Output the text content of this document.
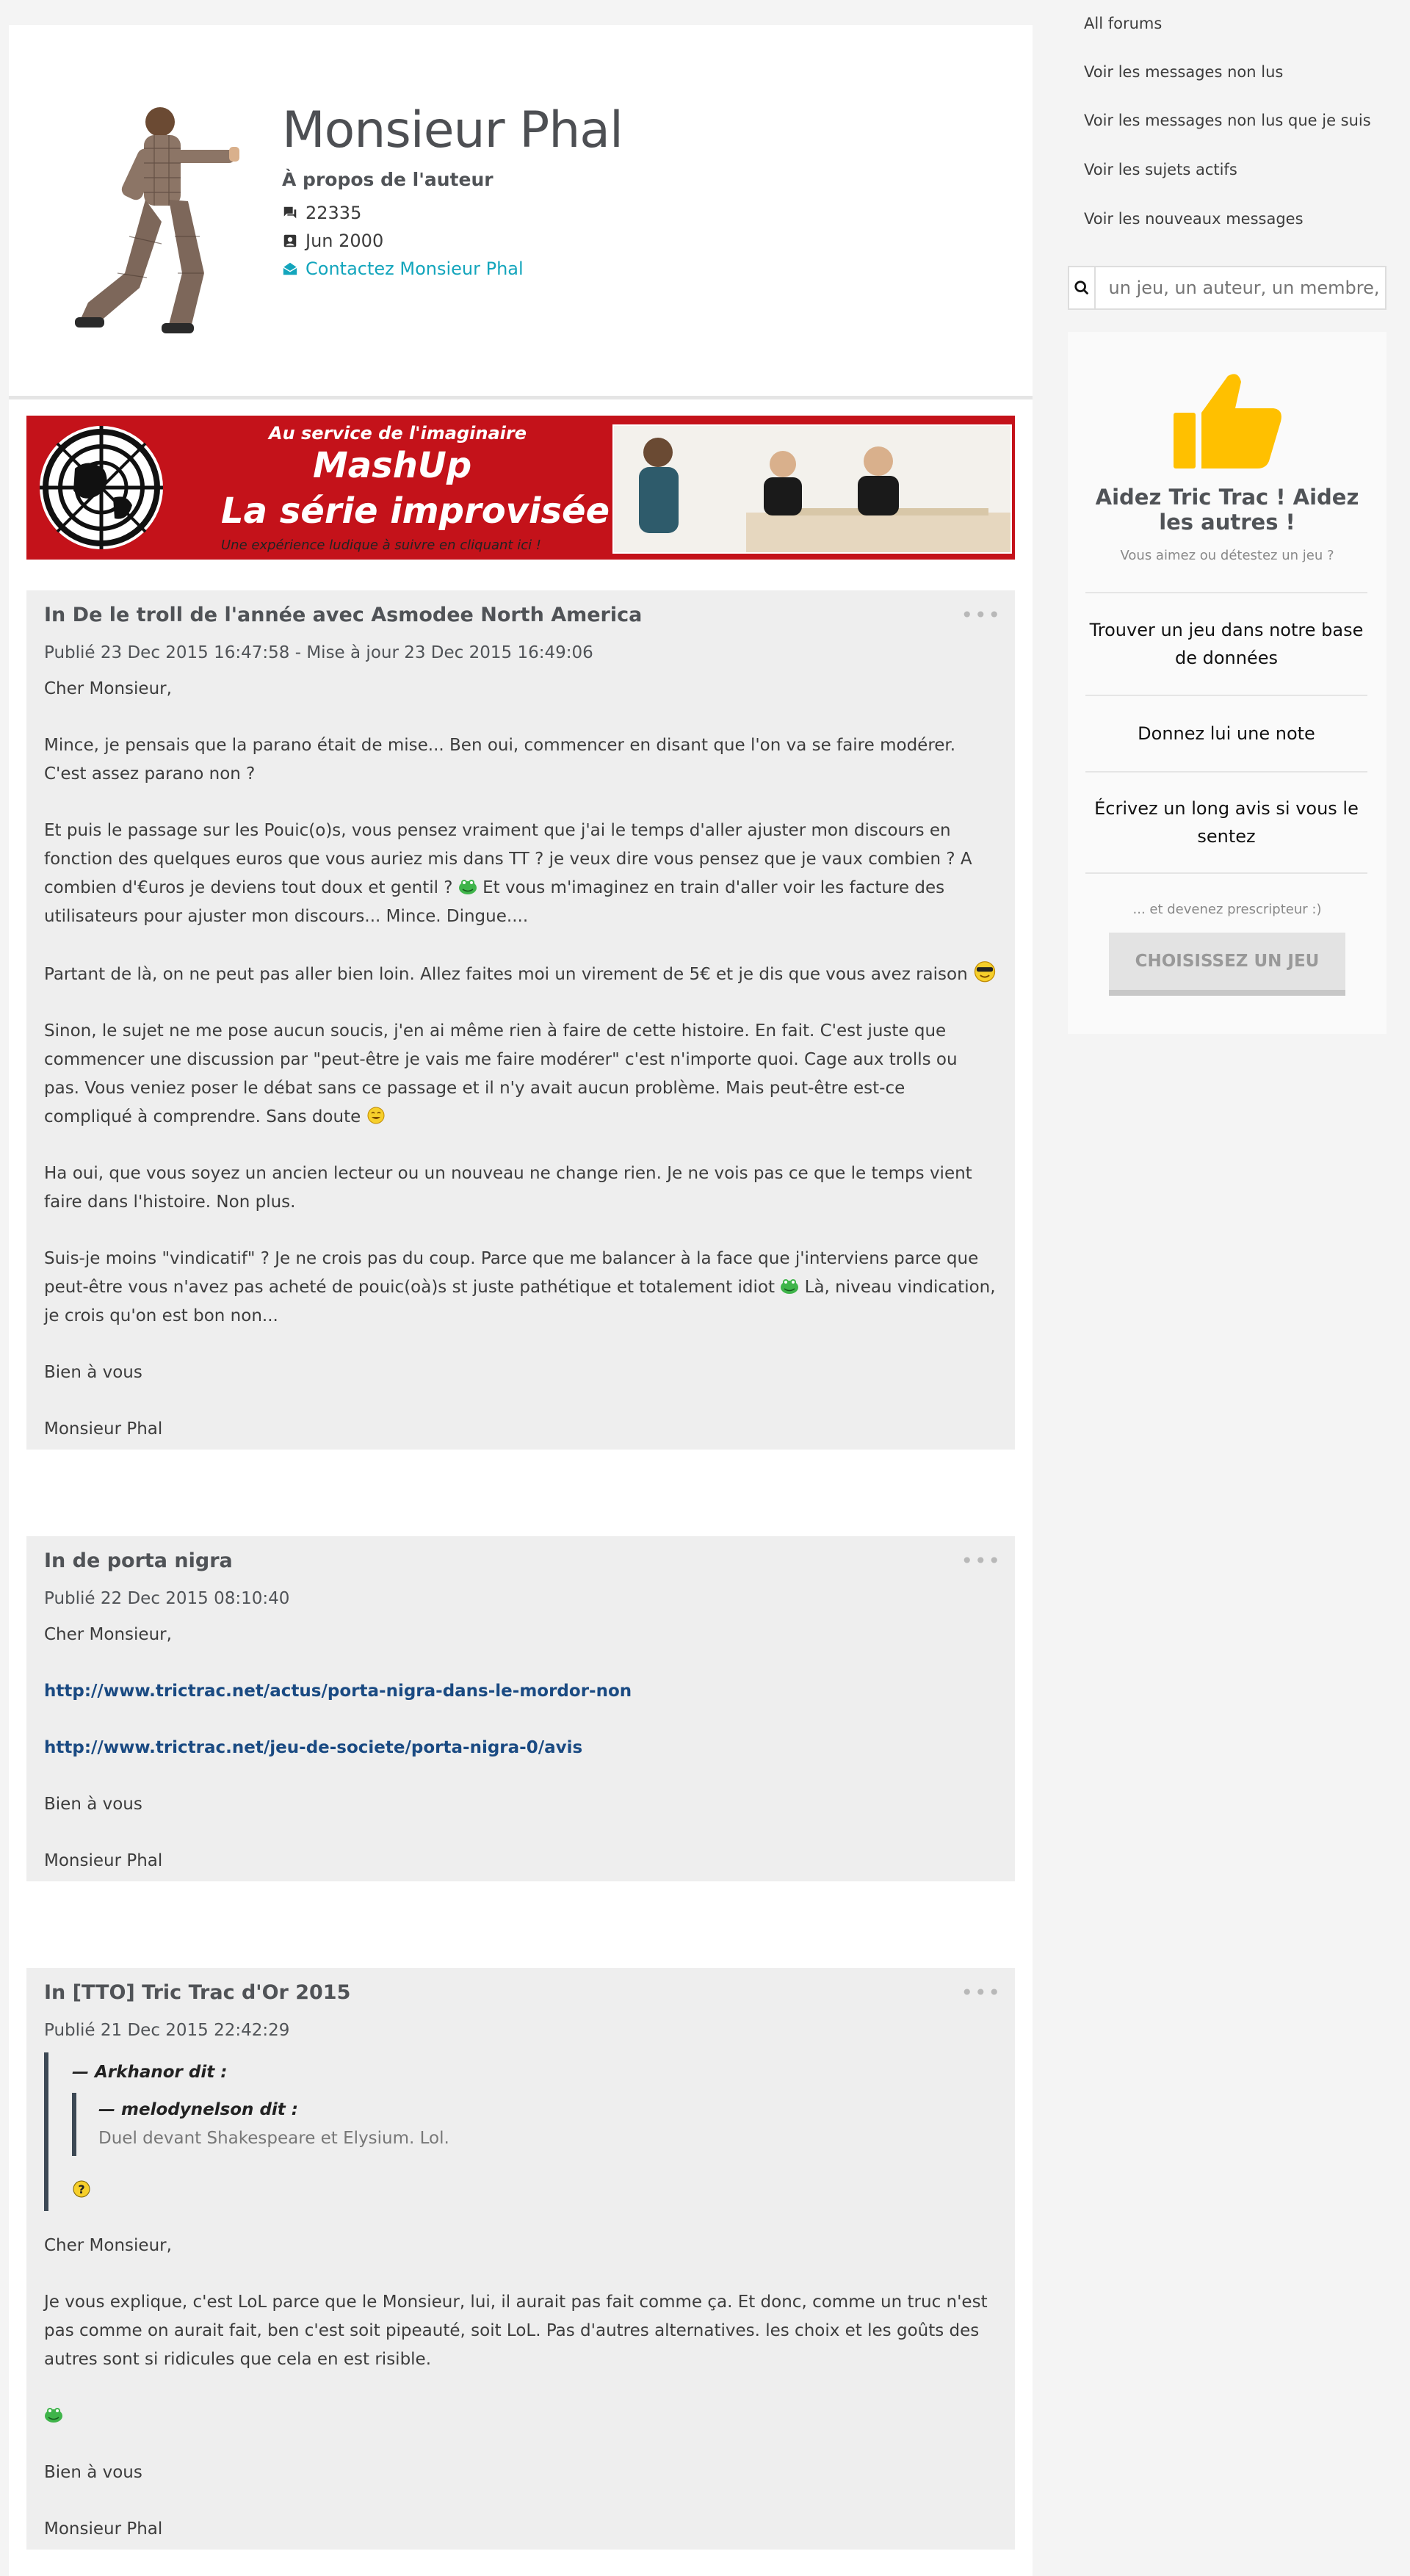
Monsieur Phal
À propos de l'auteur
22335
Jun 2000
Contactez Monsieur Phal
Au service de l'imaginaire
MashUp
La série improvisée
Une expérience ludique à suivre en cliquant ici !
•••
In De le troll de l'année avec Asmodee North America
Publié 23 Dec 2015 16:47:58 - Mise à jour 23 Dec 2015 16:49:06

Cher Monsieur,

Mince, je pensais que la parano était de mise... Ben oui, commencer en disant que l'on va se faire modérer. C'est assez parano non ?

Et puis le passage sur les Pouic(o)s, vous pensez vraiment que j'ai le temps d'aller ajuster mon discours en fonction des quelques euros que vous auriez mis dans TT ? je veux dire vous pensez que je vaux combien ? A combien d'€uros je deviens tout doux et gentil ? Et vous m'imaginez en train d'aller voir les facture des utilisateurs pour ajuster mon discours... Mince. Dingue....

Partant de là, on ne peut pas aller bien loin. Allez faites moi un virement de 5€ et je dis que vous avez raison

Sinon, le sujet ne me pose aucun soucis, j'en ai même rien à faire de cette histoire. En fait. C'est juste que commencer une discussion par "peut-être je vais me faire modérer" c'est n'importe quoi. Cage aux trolls ou pas. Vous veniez poser le débat sans ce passage et il n'y avait aucun problème. Mais peut-être est-ce compliqué à comprendre. Sans doute

Ha oui, que vous soyez un ancien lecteur ou un nouveau ne change rien. Je ne vois pas ce que le temps vient faire dans l'histoire. Non plus.

Suis-je moins "vindicatif" ? Je ne crois pas du coup. Parce que me balancer à la face que j'interviens parce que peut-être vous n'avez pas acheté de pouic(oà)s st juste pathétique et totalement idiot Là, niveau vindication, je crois qu'on est bon non...

Bien à vous

Monsieur Phal

•••
In de porta nigra
Publié 22 Dec 2015 08:10:40

Cher Monsieur,

http://www.trictrac.net/actus/porta-nigra-dans-le-mordor-non

http://www.trictrac.net/jeu-de-societe/porta-nigra-0/avis

Bien à vous

Monsieur Phal

•••
In [TTO] Tric Trac d'Or 2015
Publié 21 Dec 2015 22:42:29
— Arkhanor dit :
— melodynelson dit :
Duel devant Shakespeare et Elysium. Lol.
?

Cher Monsieur,

Je vous explique, c'est LoL parce que le Monsieur, lui, il aurait pas fait comme ça. Et donc, comme un truc n'est pas comme on aurait fait, ben c'est soit pipeauté, soit LoL. Pas d'autres alternatives. les choix et les goûts des autres sont si ridicules que cela en est risible.

Bien à vous

Monsieur Phal

All forums
Voir les messages non lus
Voir les messages non lus que je suis
Voir les sujets actifs
Voir les nouveaux messages
un jeu, un auteur, un membre, une news...
Aidez Tric Trac ! Aidez les autres !
Vous aimez ou détestez un jeu ?
Trouver un jeu dans notre base de données
Donnez lui une note
Écrivez un long avis si vous le sentez
... et devenez prescripteur :)
CHOISISSEZ UN JEU
